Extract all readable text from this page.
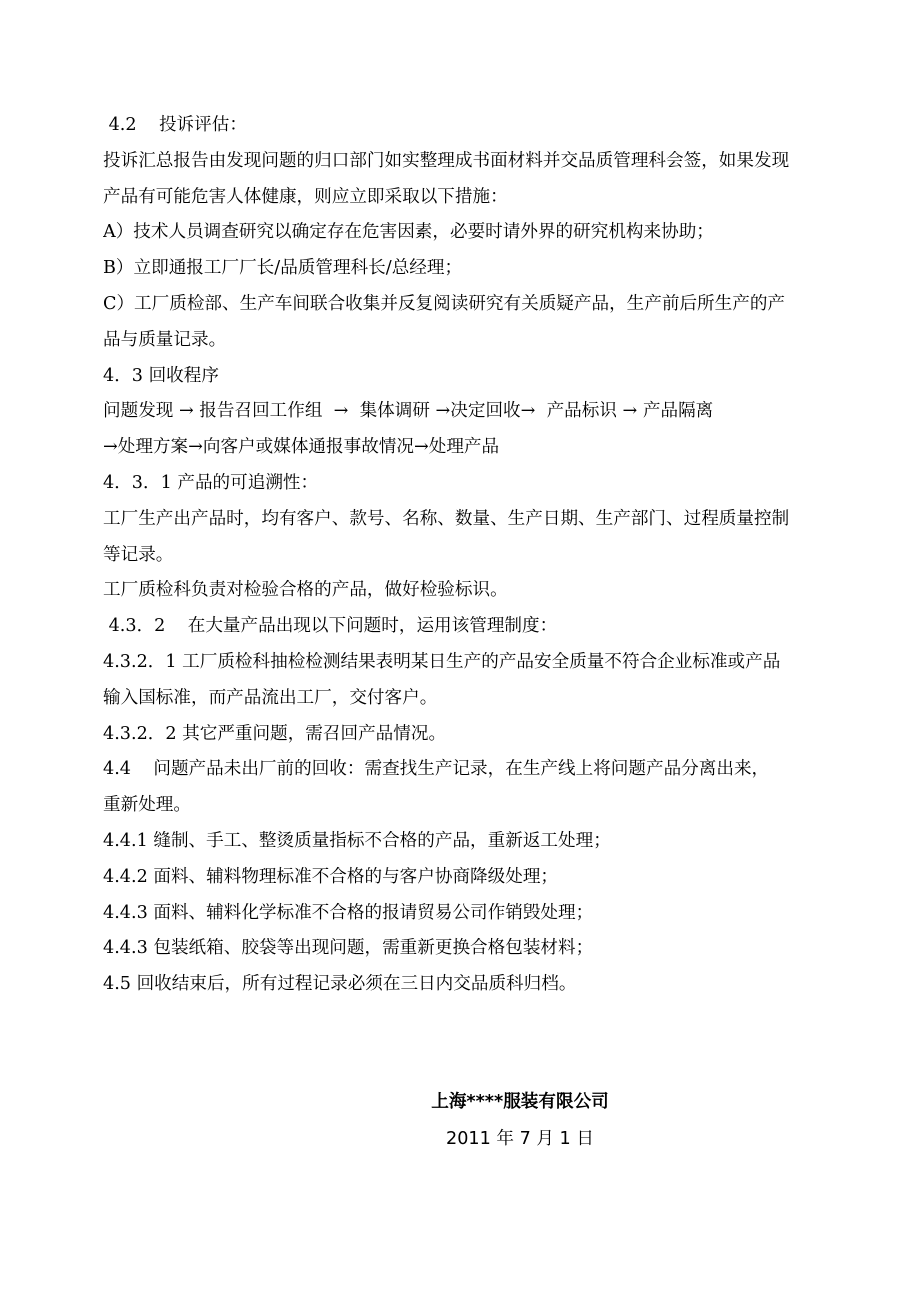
4.2    投诉评估：
投诉汇总报告由发现问题的归口部门如实整理成书面材料并交品质管理科会签，如果发现
产品有可能危害人体健康，则应立即采取以下措施：
A）技术人员调查研究以确定存在危害因素，必要时请外界的研究机构来协助；
B）立即通报工厂厂长/品质管理科长/总经理；
C）工厂质检部、生产车间联合收集并反复阅读研究有关质疑产品，生产前后所生产的产
品与质量记录。
4．3 回收程序
问题发现 → 报告召回工作组  →  集体调研 →决定回收→  产品标识 → 产品隔离
→处理方案→向客户或媒体通报事故情况→处理产品
4．3．1 产品的可追溯性：
工厂生产出产品时，均有客户、款号、名称、数量、生产日期、生产部门、过程质量控制
等记录。
工厂质检科负责对检验合格的产品，做好检验标识。
4.3．2    在大量产品出现以下问题时，运用该管理制度：
4.3.2．1 工厂质检科抽检检测结果表明某日生产的产品安全质量不符合企业标准或产品
输入国标准，而产品流出工厂，交付客户。
4.3.2．2 其它严重问题，需召回产品情况。
4.4    问题产品未出厂前的回收：需查找生产记录，在生产线上将问题产品分离出来，
重新处理。
4.4.1 缝制、手工、整烫质量指标不合格的产品，重新返工处理；
4.4.2 面料、辅料物理标准不合格的与客户协商降级处理；
4.4.3 面料、辅料化学标准不合格的报请贸易公司作销毁处理；
4.4.3 包装纸箱、胶袋等出现问题，需重新更换合格包装材料；
4.5 回收结束后，所有过程记录必须在三日内交品质科归档。
上海****服装有限公司
2011 年 7 月 1 日
